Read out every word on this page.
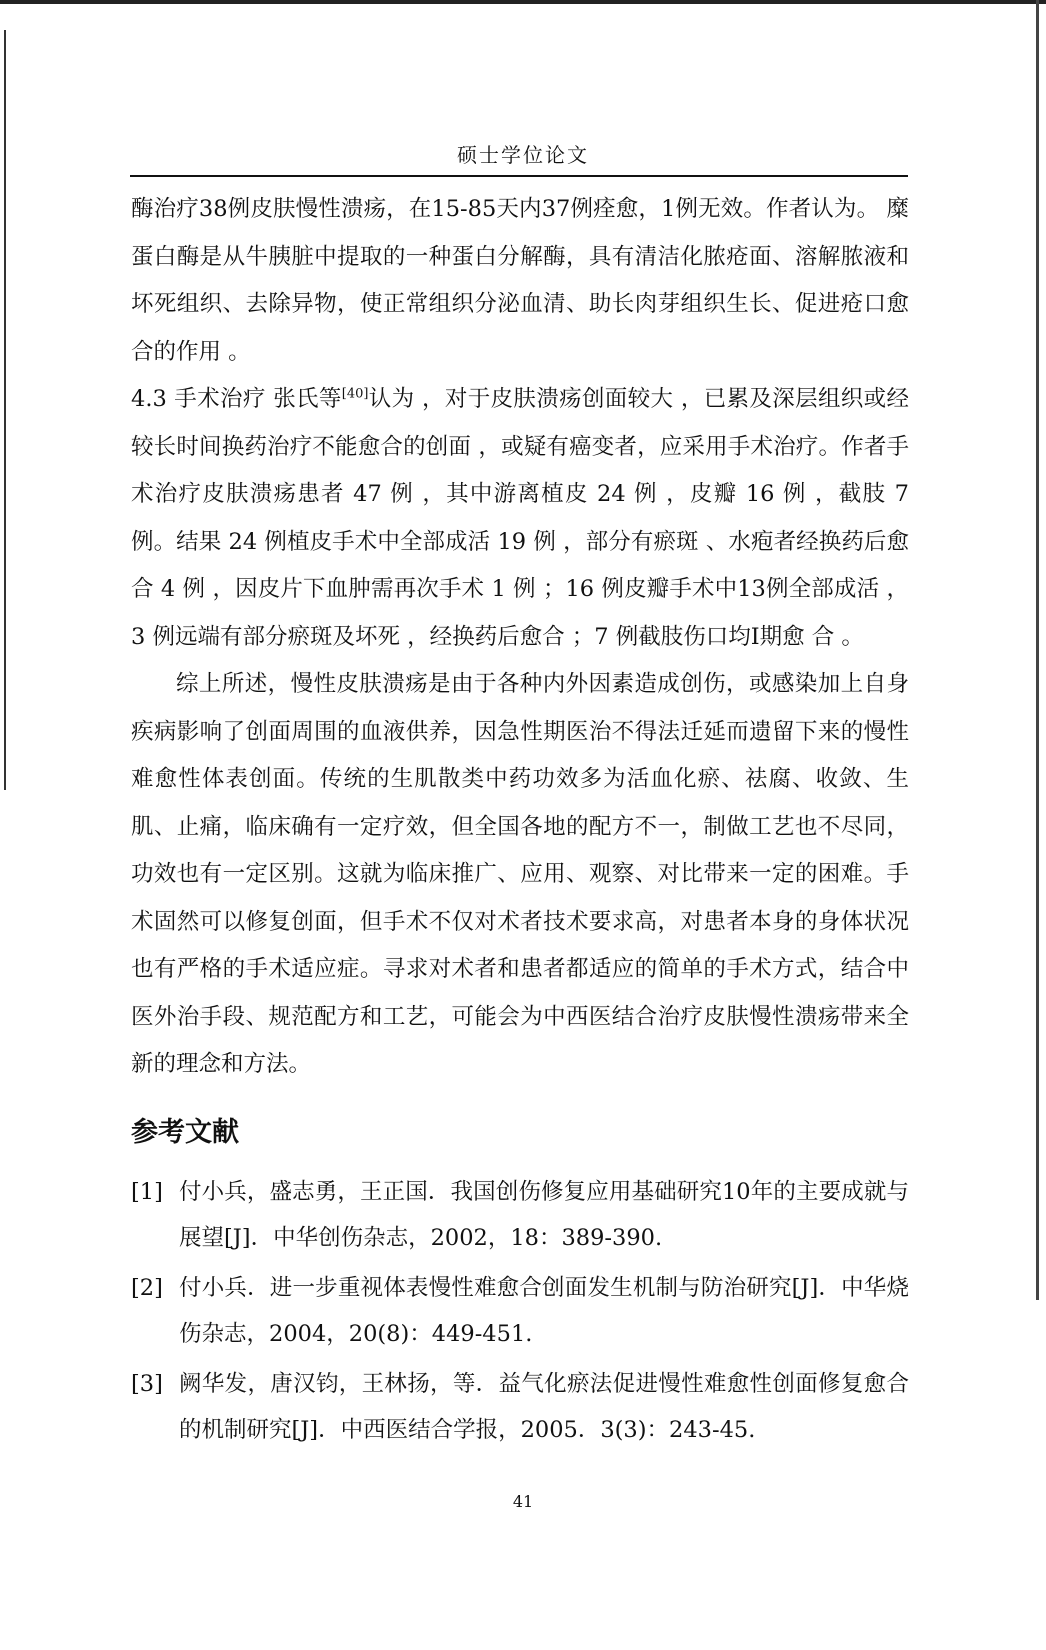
硕士学位论文

酶治疗38例皮肤慢性溃疡，在15-85天内37例痊愈，1例无效。作者认为。 糜蛋白酶是从牛胰脏中提取的一种蛋白分解酶，具有清洁化脓疮面、溶解脓液和坏死组织、去除异物，使正常组织分泌血清、助长肉芽组织生长、促进疮口愈合的作用 。

4.3 手术治疗 张氏等[40]认为 ，对于皮肤溃疡创面较大 ，已累及深层组织或经较长时间换药治疗不能愈合的创面 ，或疑有癌变者，应采用手术治疗。作者手术治疗皮肤溃疡患者 47 例 ，其中游离植皮 24 例 ，皮瓣 16 例 ，截肢 7 例。结果 24 例植皮手术中全部成活 19 例 ，部分有瘀斑 、水疱者经换药后愈合 4 例 ，因皮片下血肿需再次手术 1 例 ；16 例皮瓣手术中13例全部成活 ，3 例远端有部分瘀斑及坏死 ，经换药后愈合 ；7 例截肢伤口均I期愈 合 。

综上所述，慢性皮肤溃疡是由于各种内外因素造成创伤，或感染加上自身疾病影响了创面周围的血液供养，因急性期医治不得法迁延而遗留下来的慢性难愈性体表创面。传统的生肌散类中药功效多为活血化瘀、祛腐、收敛、生肌、止痛，临床确有一定疗效，但全国各地的配方不一，制做工艺也不尽同，功效也有一定区别。这就为临床推广、应用、观察、对比带来一定的困难。手术固然可以修复创面，但手术不仅对术者技术要求高，对患者本身的身体状况也有严格的手术适应症。寻求对术者和患者都适应的简单的手术方式，结合中医外治手段、规范配方和工艺，可能会为中西医结合治疗皮肤慢性溃疡带来全新的理念和方法。

参考文献
[1] 付小兵，盛志勇，王正国．我国创伤修复应用基础研究10年的主要成就与展望[J]．中华创伤杂志，2002，18：389-390.
[2] 付小兵．进一步重视体表慢性难愈合创面发生机制与防治研究[J]．中华烧伤杂志，2004，20(8)：449-451.
[3] 阙华发，唐汉钧，王林扬，等．益气化瘀法促进慢性难愈性创面修复愈合的机制研究[J]．中西医结合学报，2005．3(3)：243-45.
41
